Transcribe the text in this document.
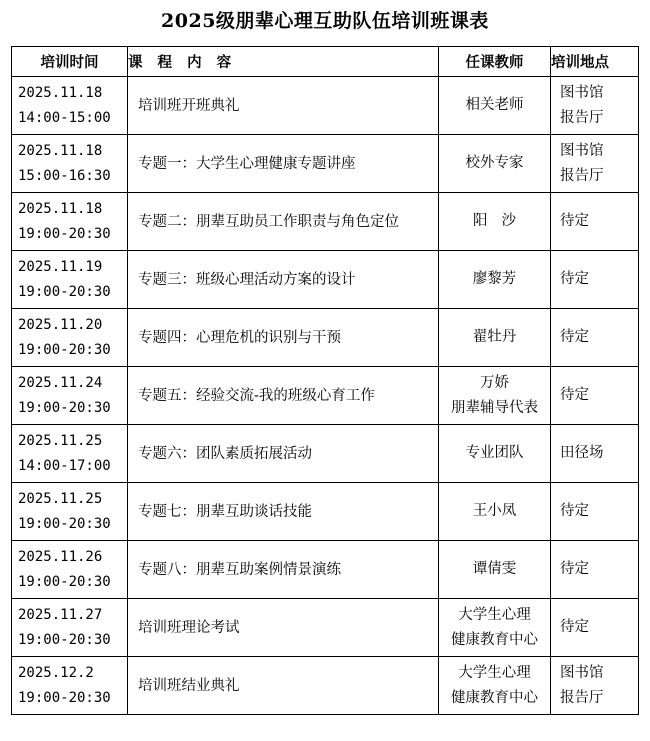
2025级朋辈心理互助队伍培训班课表
培训时间	课 程 内 容	任课教师	培训地点

2025.11.18
14:00-15:00	培训班开班典礼	相关老师	图书馆
报告厅

2025.11.18
15:00-16:30	专题一：大学生心理健康专题讲座	校外专家	图书馆
报告厅

2025.11.18
19:00-20:30	专题二：朋辈互助员工作职责与角色定位	阳沙	待定

2025.11.19
19:00-20:30	专题三：班级心理活动方案的设计	廖黎芳	待定

2025.11.20
19:00-20:30	专题四：心理危机的识别与干预	翟牡丹	待定

2025.11.24
19:00-20:30	专题五：经验交流-我的班级心育工作	万娇
朋辈辅导代表	待定

2025.11.25
14:00-17:00	专题六：团队素质拓展活动	专业团队	田径场

2025.11.25
19:00-20:30	专题七：朋辈互助谈话技能	王小凤	待定

2025.11.26
19:00-20:30	专题八：朋辈互助案例情景演练	谭倩雯	待定

2025.11.27
19:00-20:30	培训班理论考试	大学生心理
健康教育中心	待定

2025.12.2
19:00-20:30	培训班结业典礼	大学生心理
健康教育中心	图书馆
报告厅
